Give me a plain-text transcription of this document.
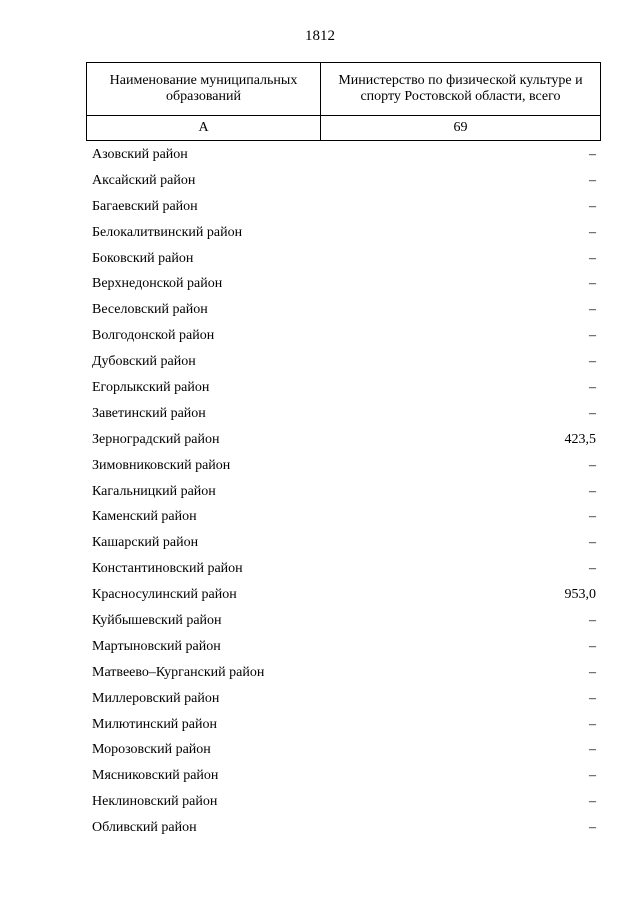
1812
Наименование муниципальных образований	Министерство по физической культуре и спорту Ростовской области, всего
А	69
Азовский район	–
Аксайский район	–
Багаевский район	–
Белокалитвинский район	–
Боковский район	–
Верхнедонской район	–
Веселовский район	–
Волгодонской район	–
Дубовский район	–
Егорлыкский район	–
Заветинский район	–
Зерноградский район	423,5
Зимовниковский район	–
Кагальницкий район	–
Каменский район	–
Кашарский район	–
Константиновский район	–
Красносулинский район	953,0
Куйбышевский район	–
Мартыновский район	–
Матвеево–Курганский район	–
Миллеровский район	–
Милютинский район	–
Морозовский район	–
Мясниковский район	–
Неклиновский район	–
Обливский район	–
